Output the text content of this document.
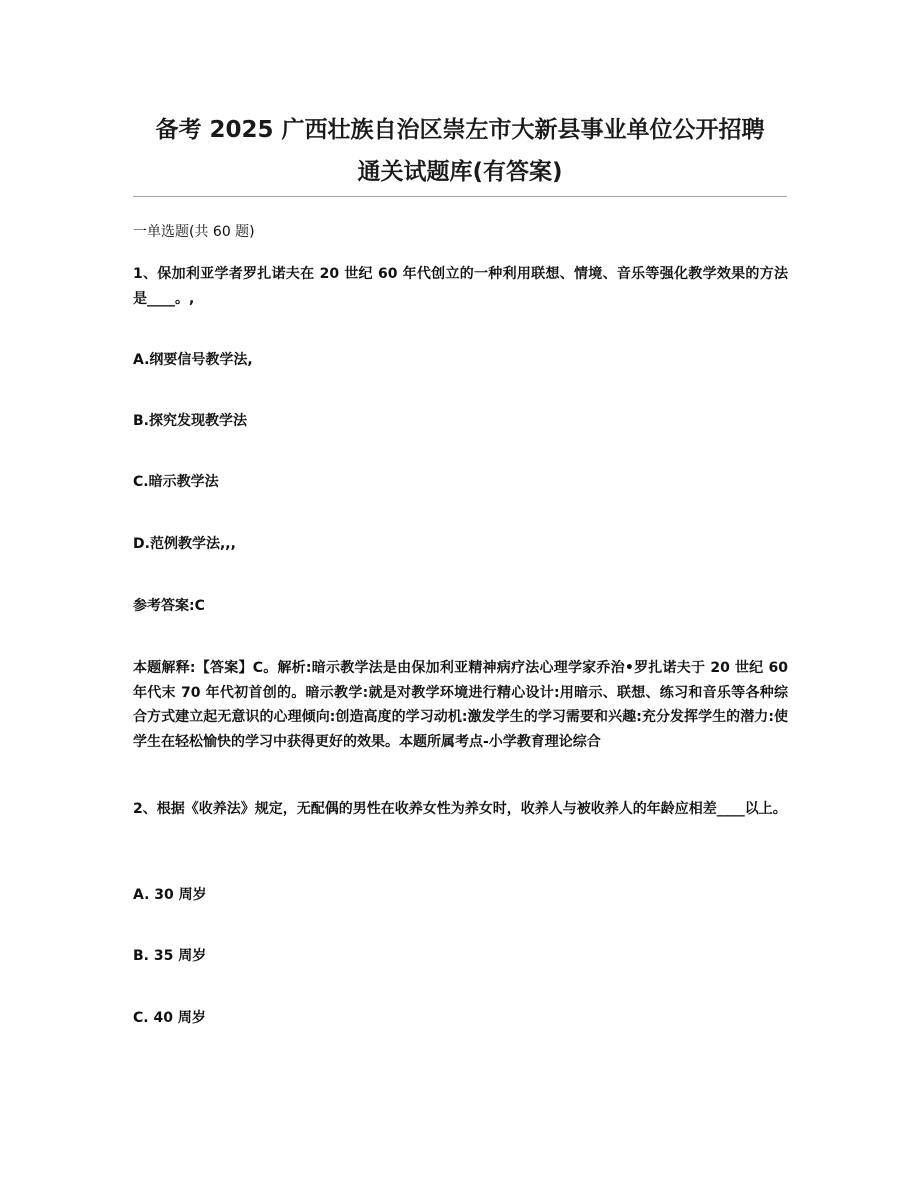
备考 2025 广西壮族自治区崇左市大新县事业单位公开招聘
通关试题库(有答案)
一单选题(共 60 题)

1、保加利亚学者罗扎诺夫在 20 世纪 60 年代创立的一种利用联想、情境、音乐等强化教学效果的方法是____。,

A.纲要信号教学法,

B.探究发现教学法

C.暗示教学法

D.范例教学法,,,

参考答案:C

本题解释:【答案】C。解析:暗示教学法是由保加利亚精神病疗法心理学家乔治•罗扎诺夫于 20 世纪 60 年代末 70 年代初首创的。暗示教学:就是对教学环境进行精心设计:用暗示、联想、练习和音乐等各种综合方式建立起无意识的心理倾向:创造高度的学习动机:激发学生的学习需要和兴趣:充分发挥学生的潜力:使学生在轻松愉快的学习中获得更好的效果。本题所属考点-小学教育理论综合

2、根据《收养法》规定，无配偶的男性在收养女性为养女时，收养人与被收养人的年龄应相差____以上。

A. 30 周岁

B. 35 周岁

C. 40 周岁
